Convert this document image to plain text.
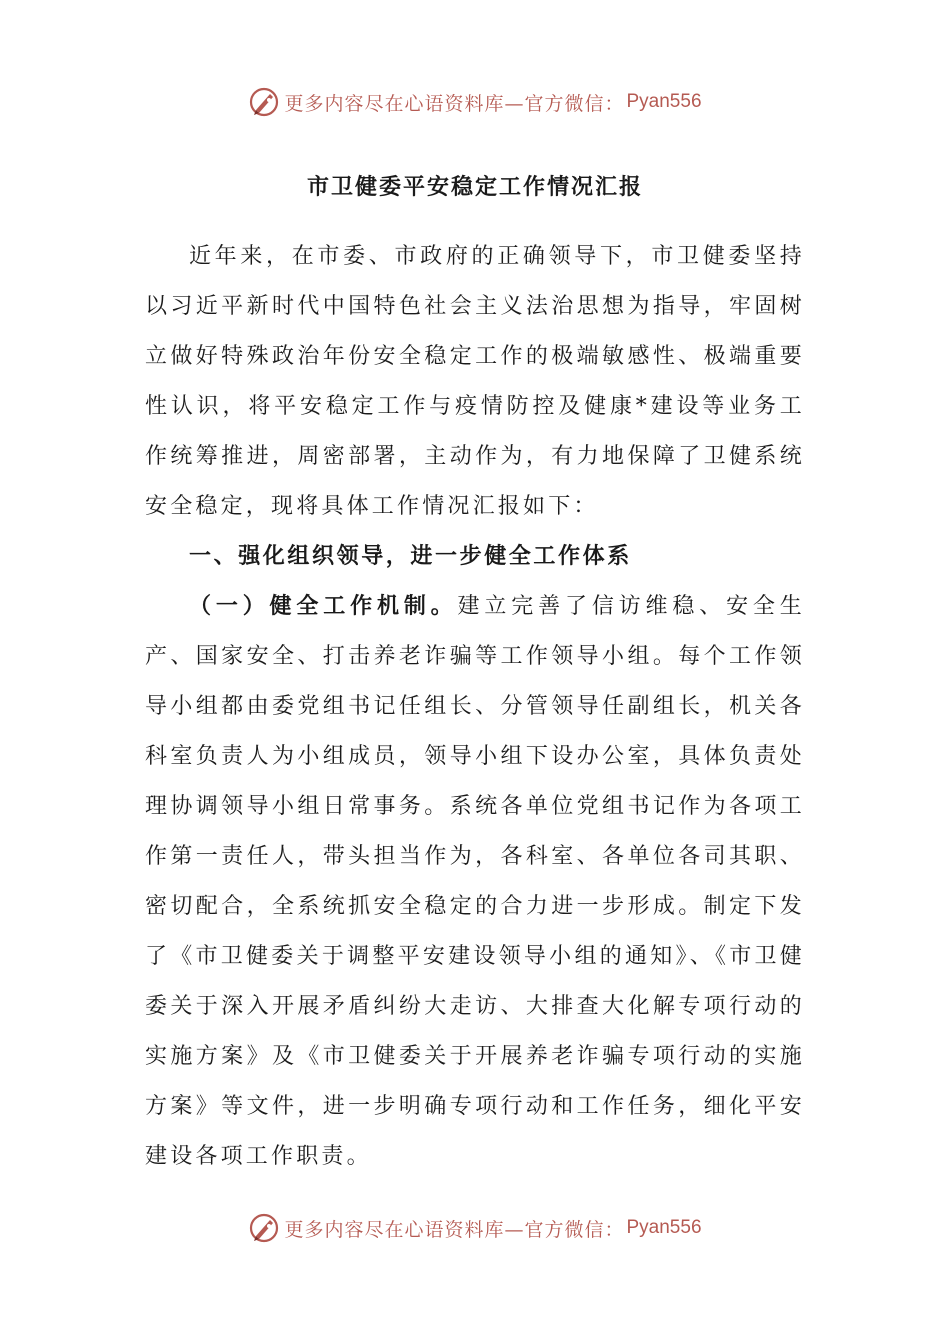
更多内容尽在心语资料库—官方微信： Pyan556
市卫健委平安稳定工作情况汇报

近年来，在市委、市政府的正确领导下，市卫健委坚持以习近平新时代中国特色社会主义法治思想为指导，牢固树立做好特殊政治年份安全稳定工作的极端敏感性、极端重要性认识，将平安稳定工作与疫情防控及健康*建设等业务工作统筹推进，周密部署，主动作为，有力地保障了卫健系统安全稳定，现将具体工作情况汇报如下：

一、强化组织领导，进一步健全工作体系

（一）健全工作机制。建立完善了信访维稳、安全生产、国家安全、打击养老诈骗等工作领导小组。每个工作领导小组都由委党组书记任组长、分管领导任副组长，机关各科室负责人为小组成员，领导小组下设办公室，具体负责处理协调领导小组日常事务。系统各单位党组书记作为各项工作第一责任人，带头担当作为，各科室、各单位各司其职、密切配合，全系统抓安全稳定的合力进一步形成。制定下发了《市卫健委关于调整平安建设领导小组的通知》、《市卫健委关于深入开展矛盾纠纷大走访、大排查大化解专项行动的实施方案》及《市卫健委关于开展养老诈骗专项行动的实施方案》等文件，进一步明确专项行动和工作任务，细化平安建设各项工作职责。

更多内容尽在心语资料库—官方微信： Pyan556
